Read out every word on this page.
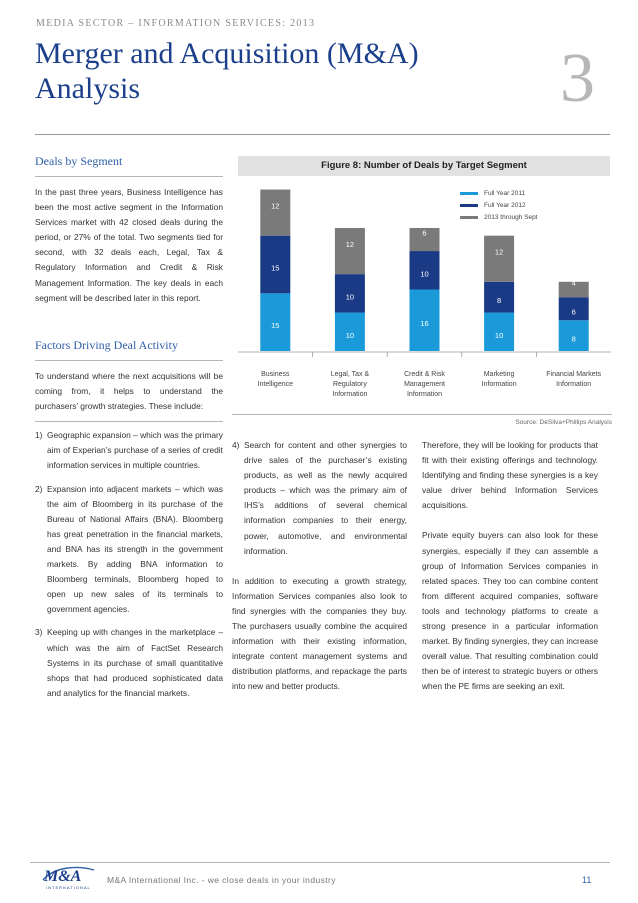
MEDIA SECTOR – INFORMATION SERVICES: 2013
Merger and Acquisition (M&A) Analysis	3
Deals by Segment
In the past three years, Business Intelligence has been the most active segment in the Information Services market with 42 closed deals during the period, or 27% of the total. Two segments tied for second, with 32 deals each, Legal, Tax & Regulatory Information and Credit & Risk Management Information. The key deals in each segment will be described later in this report.
Factors Driving Deal Activity
To understand where the next acquisitions will be coming from, it helps to understand the purchasers’ growth strategies. These include:
1) Geographic expansion – which was the primary aim of Experian’s purchase of a series of credit information services in multiple countries.
2) Expansion into adjacent markets – which was the aim of Bloomberg in its purchase of the Bureau of National Affairs (BNA). Bloomberg has great penetration in the financial markets, and BNA has its strength in the government markets. By adding BNA information to Bloomberg terminals, Bloomberg hoped to open up new sales of its terminals to government agencies.
3) Keeping up with changes in the marketplace – which was the aim of FactSet Research Systems in its purchase of small quantitative shops that had produced sophisticated data and analytics for the financial markets.
Figure 8: Number of Deals by Target Segment
15
15
12
Business
Intelligence
10
10
12
Legal, Tax &
Regulatory
Information
16
10
6
Credit & Risk
Management
Information
10
8
12
Marketing
Information
8
6
4
Financial Markets
Information
Full Year 2011
Full Year 2012
2013 through Sept
Source: DeSilva+Phillips Analysis
4) Search for content and other synergies to drive sales of the purchaser’s existing products, as well as the newly acquired products – which was the primary aim of IHS’s additions of several chemical information companies to their energy, power, automotive, and environmental information.
In addition to executing a growth strategy, Information Services companies also look to find synergies with the companies they buy. The purchasers usually combine the acquired information with their existing information, integrate content management systems and distribution platforms, and repackage the parts into new and better products.
Therefore, they will be looking for products that fit with their existing offerings and technology. Identifying and finding these synergies is a key value driver behind Information Services acquisitions.
Private equity buyers can also look for these synergies, especially if they can assemble a group of Information Services companies in related spaces. They too can combine content from different acquired companies, software tools and technology platforms to create a strong presence in a particular information market. By finding synergies, they can increase overall value. That resulting combination could then be of interest to strategic buyers or others when the PE firms are seeking an exit.
M&A
INTERNATIONAL
M&A International Inc. - we close deals in your industry	11
